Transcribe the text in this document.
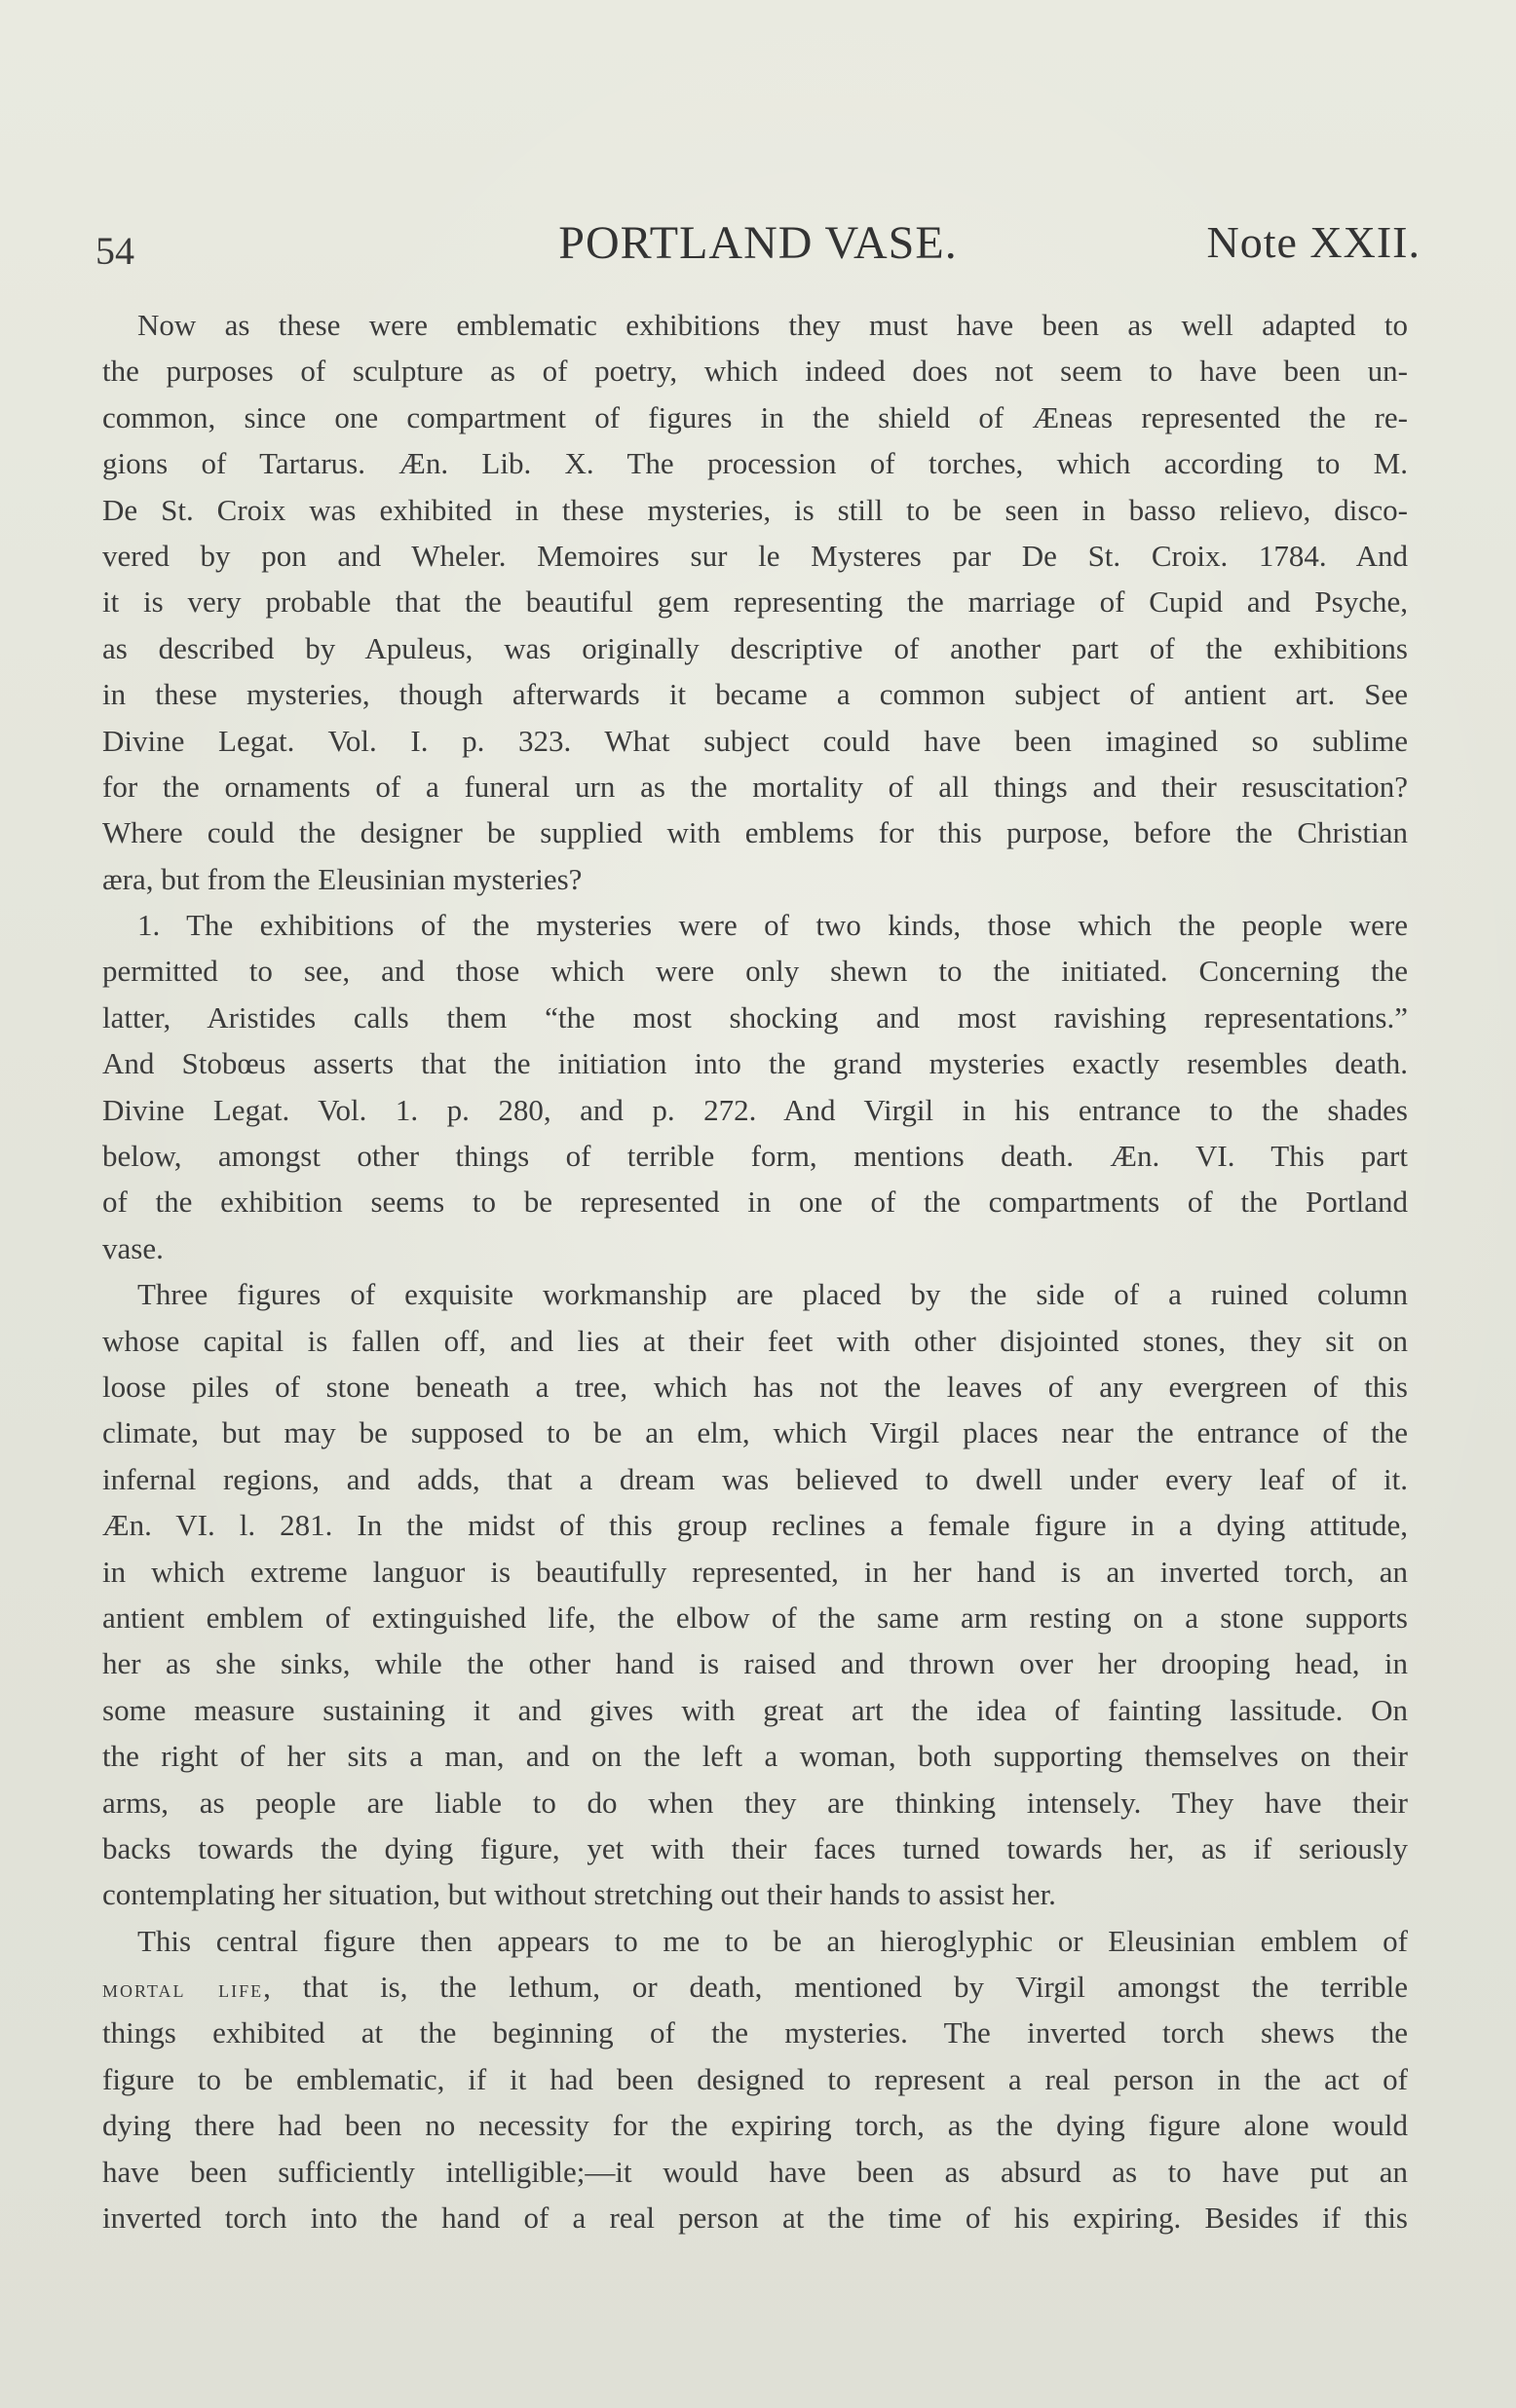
54	PORTLAND VASE.	Note XXII.
Now as these were emblematic exhibitions they must have been as well adapted to
the purposes of sculpture as of poetry, which indeed does not seem to have been un-
common, since one compartment of figures in the shield of Æneas represented the re-
gions of Tartarus. Æn. Lib. X. The procession of torches, which according to M.
De St. Croix was exhibited in these mysteries, is still to be seen in basso relievo, disco-
vered by pon and Wheler. Memoires sur le Mysteres par De St. Croix. 1784. And
it is very probable that the beautiful gem representing the marriage of Cupid and Psyche,
as described by Apuleus, was originally descriptive of another part of the exhibitions
in these mysteries, though afterwards it became a common subject of antient art. See
Divine Legat. Vol. I. p. 323. What subject could have been imagined so sublime
for the ornaments of a funeral urn as the mortality of all things and their resuscitation?
Where could the designer be supplied with emblems for this purpose, before the Christian
æra, but from the Eleusinian mysteries?
1. The exhibitions of the mysteries were of two kinds, those which the people were
permitted to see, and those which were only shewn to the initiated. Concerning the
latter, Aristides calls them “the most shocking and most ravishing representations.”
And Stobœus asserts that the initiation into the grand mysteries exactly resembles death.
Divine Legat. Vol. 1. p. 280, and p. 272. And Virgil in his entrance to the shades
below, amongst other things of terrible form, mentions death. Æn. VI. This part
of the exhibition seems to be represented in one of the compartments of the Portland
vase.
Three figures of exquisite workmanship are placed by the side of a ruined column
whose capital is fallen off, and lies at their feet with other disjointed stones, they sit on
loose piles of stone beneath a tree, which has not the leaves of any evergreen of this
climate, but may be supposed to be an elm, which Virgil places near the entrance of the
infernal regions, and adds, that a dream was believed to dwell under every leaf of it.
Æn. VI. l. 281. In the midst of this group reclines a female figure in a dying attitude,
in which extreme languor is beautifully represented, in her hand is an inverted torch, an
antient emblem of extinguished life, the elbow of the same arm resting on a stone supports
her as she sinks, while the other hand is raised and thrown over her drooping head, in
some measure sustaining it and gives with great art the idea of fainting lassitude. On
the right of her sits a man, and on the left a woman, both supporting themselves on their
arms, as people are liable to do when they are thinking intensely. They have their
backs towards the dying figure, yet with their faces turned towards her, as if seriously
contemplating her situation, but without stretching out their hands to assist her.
This central figure then appears to me to be an hieroglyphic or Eleusinian emblem of
mortal life, that is, the lethum, or death, mentioned by Virgil amongst the terrible
things exhibited at the beginning of the mysteries. The inverted torch shews the
figure to be emblematic, if it had been designed to represent a real person in the act of
dying there had been no necessity for the expiring torch, as the dying figure alone would
have been sufficiently intelligible;—it would have been as absurd as to have put an
inverted torch into the hand of a real person at the time of his expiring. Besides if this
